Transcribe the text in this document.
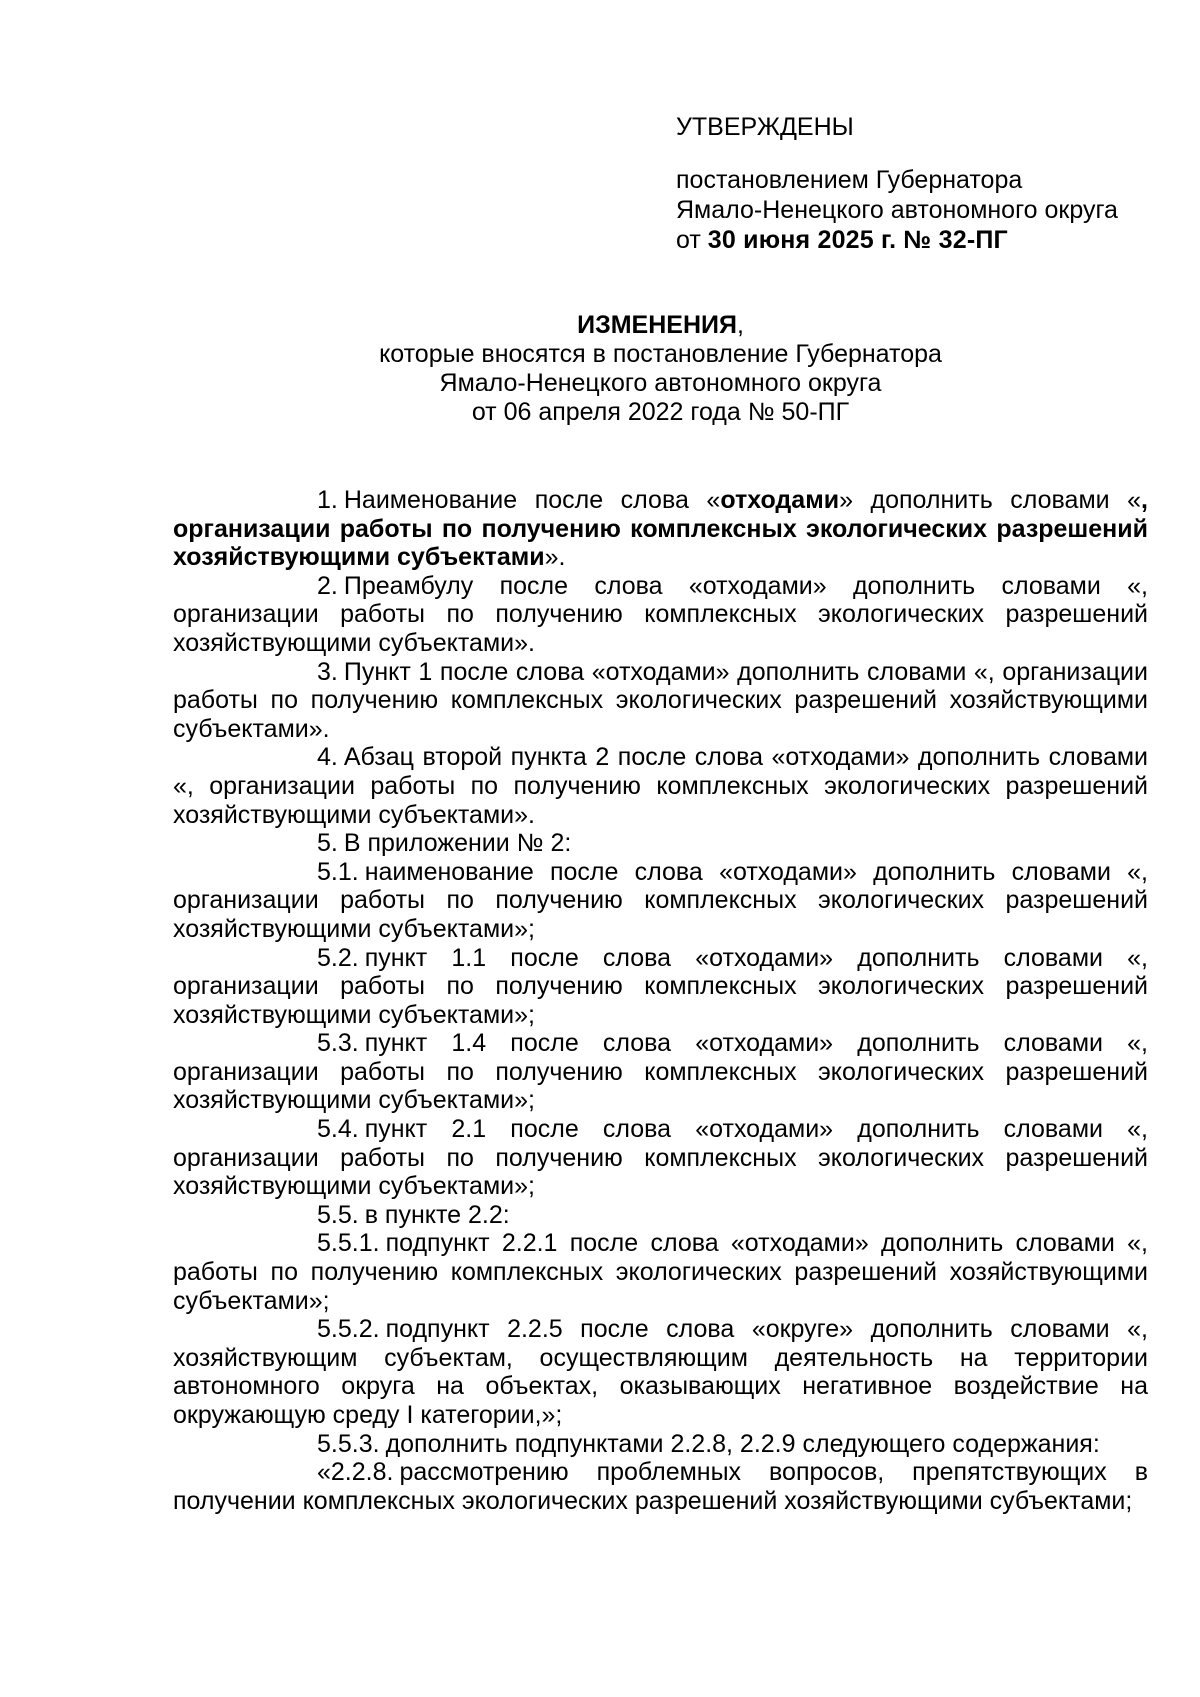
УТВЕРЖДЕНЫ

постановлением Губернатора

Ямало-Ненецкого автономного округа

от 30 июня 2025 г. № 32-ПГ

ИЗМЕНЕНИЯ,

которые вносятся в постановление Губернатора

Ямало-Ненецкого автономного округа

от 06 апреля 2022 года № 50-ПГ

1. Наименование после слова «отходами» дополнить словами «, организации работы по получению комплексных экологических разрешений хозяйствующими субъектами».

2. Преамбулу после слова «отходами» дополнить словами «, организации работы по получению комплексных экологических разрешений хозяйствующими субъектами».

3. Пункт 1 после слова «отходами» дополнить словами «, организации работы по получению комплексных экологических разрешений хозяйствующими субъектами».

4. Абзац второй пункта 2 после слова «отходами» дополнить словами «, организации работы по получению комплексных экологических разрешений хозяйствующими субъектами».

5. В приложении № 2:

5.1. наименование после слова «отходами» дополнить словами «, организации работы по получению комплексных экологических разрешений хозяйствующими субъектами»;

5.2. пункт 1.1 после слова «отходами» дополнить словами «, организации работы по получению комплексных экологических разрешений хозяйствующими субъектами»;

5.3. пункт 1.4 после слова «отходами» дополнить словами «, организации работы по получению комплексных экологических разрешений хозяйствующими субъектами»;

5.4. пункт 2.1 после слова «отходами» дополнить словами «, организации работы по получению комплексных экологических разрешений хозяйствующими субъектами»;

5.5. в пункте 2.2:

5.5.1. подпункт 2.2.1 после слова «отходами» дополнить словами «, работы по получению комплексных экологических разрешений хозяйствующими субъектами»;

5.5.2. подпункт 2.2.5 после слова «округе» дополнить словами «, хозяйствующим субъектам, осуществляющим деятельность на территории автономного округа на объектах, оказывающих негативное воздействие на окружающую среду I категории,»;

5.5.3. дополнить подпунктами 2.2.8, 2.2.9 следующего содержания:

«2.2.8. рассмотрению проблемных вопросов, препятствующих в получении комплексных экологических разрешений хозяйствующими субъектами;
